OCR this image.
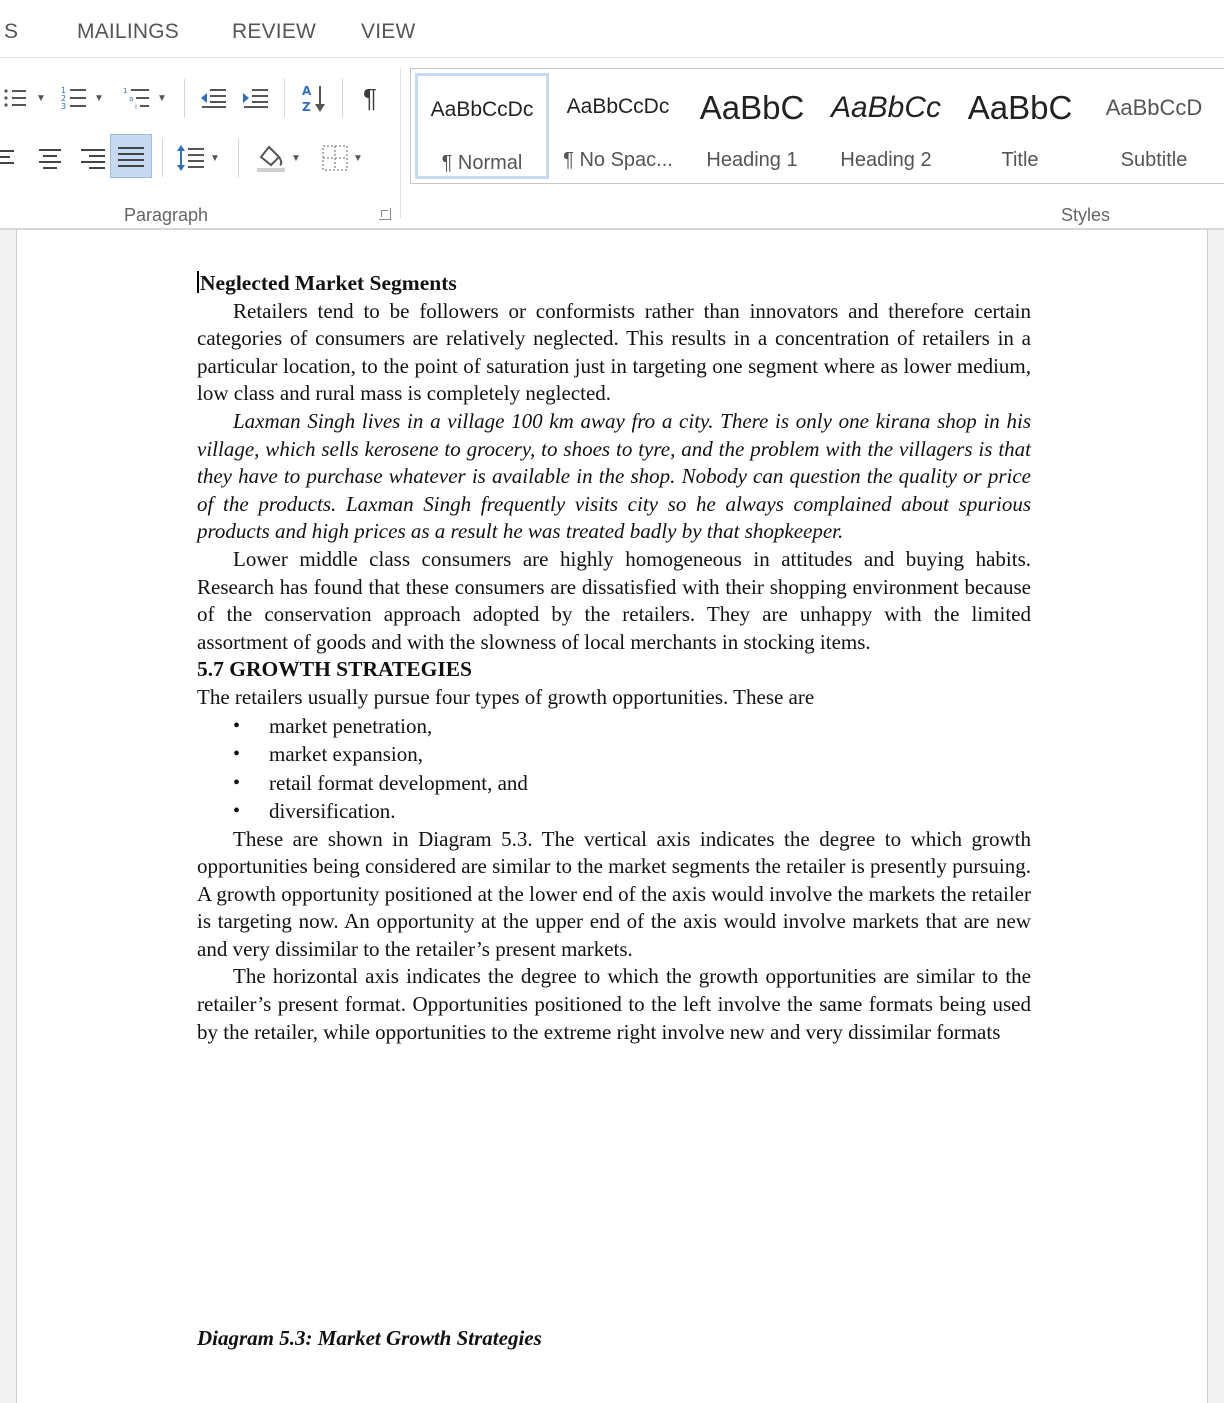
S	MAILINGS	REVIEW VIEW
▼
1
2
3
▼
1
a
i
▼	A
Z ¶
▼	▼	▼
Paragraph
AaBbCcDc
¶ Normal
AaBbCcDc
¶ No Spac...
AaBbC
Heading 1
AaBbCc
Heading 2
AaBbC
Title
AaBbCcD
Subtitle
Styles
Neglected Market Segments

Retailers tend to be followers or conformists rather than innovators and therefore certain categories of consumers are relatively neglected. This results in a concentration of retailers in a particular location, to the point of saturation just in targeting one segment where as lower medium, low class and rural mass is completely neglected.

Laxman Singh lives in a village 100 km away fro a city. There is only one kirana shop in his village, which sells kerosene to grocery, to shoes to tyre, and the problem with the villagers is that they have to purchase whatever is available in the shop. Nobody can question the quality or price of the products. Laxman Singh frequently visits city so he always complained about spurious products and high prices as a result he was treated badly by that shopkeeper.

Lower middle class consumers are highly homogeneous in attitudes and buying habits. Research has found that these consumers are dissatisfied with their shopping environment because of the conservation approach adopted by the retailers. They are unhappy with the limited assortment of goods and with the slowness of local merchants in stocking items.

5.7 GROWTH STRATEGIES

The retailers usually pursue four types of growth opportunities. These are

• market penetration,
• market expansion,
• retail format development, and
• diversification.

These are shown in Diagram 5.3. The vertical axis indicates the degree to which growth opportunities being considered are similar to the market segments the retailer is presently pursuing. A growth opportunity positioned at the lower end of the axis would involve the markets the retailer is targeting now. An opportunity at the upper end of the axis would involve markets that are new and very dissimilar to the retailer’s present markets.

The horizontal axis indicates the degree to which the growth opportunities are similar to the retailer’s present format. Opportunities positioned to the left involve the same formats being used by the retailer, while opportunities to the extreme right involve new and very dissimilar formats

Diagram 5.3: Market Growth Strategies
